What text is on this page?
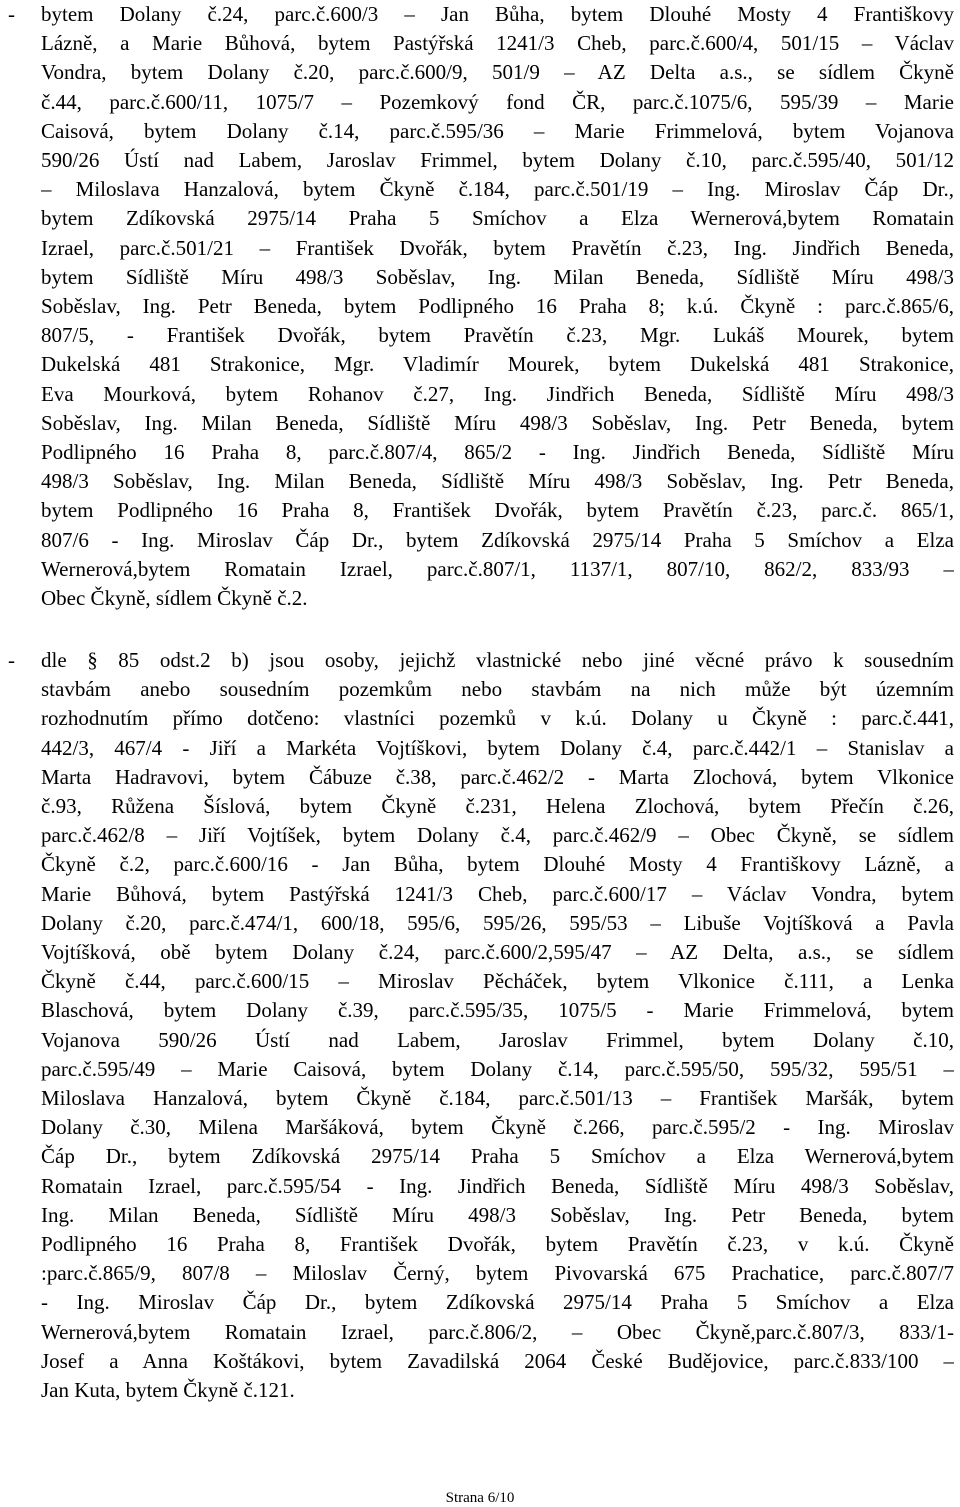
- bytem Dolany č.24, parc.č.600/3 – Jan Bůha, bytem Dlouhé Mosty 4 Františkovy
Lázně, a Marie Bůhová, bytem Pastýřská 1241/3 Cheb, parc.č.600/4, 501/15 – Václav
Vondra, bytem Dolany č.20, parc.č.600/9, 501/9 – AZ Delta a.s., se sídlem Čkyně
č.44, parc.č.600/11, 1075/7 – Pozemkový fond ČR, parc.č.1075/6, 595/39 – Marie
Caisová, bytem Dolany č.14, parc.č.595/36 – Marie Frimmelová, bytem Vojanova
590/26 Ústí nad Labem, Jaroslav Frimmel, bytem Dolany č.10, parc.č.595/40, 501/12
– Miloslava Hanzalová, bytem Čkyně č.184, parc.č.501/19 – Ing. Miroslav Čáp Dr.,
bytem Zdíkovská 2975/14 Praha 5 Smíchov a Elza Wernerová,bytem Romatain
Izrael, parc.č.501/21 – František Dvořák, bytem Pravětín č.23, Ing. Jindřich Beneda,
bytem Sídliště Míru 498/3 Soběslav, Ing. Milan Beneda, Sídliště Míru 498/3
Soběslav, Ing. Petr Beneda, bytem Podlipného 16 Praha 8; k.ú. Čkyně : parc.č.865/6,
807/5, - František Dvořák, bytem Pravětín č.23, Mgr. Lukáš Mourek, bytem
Dukelská 481 Strakonice, Mgr. Vladimír Mourek, bytem Dukelská 481 Strakonice,
Eva Mourková, bytem Rohanov č.27, Ing. Jindřich Beneda, Sídliště Míru 498/3
Soběslav, Ing. Milan Beneda, Sídliště Míru 498/3 Soběslav, Ing. Petr Beneda, bytem
Podlipného 16 Praha 8, parc.č.807/4, 865/2 - Ing. Jindřich Beneda, Sídliště Míru
498/3 Soběslav, Ing. Milan Beneda, Sídliště Míru 498/3 Soběslav, Ing. Petr Beneda,
bytem Podlipného 16 Praha 8, František Dvořák, bytem Pravětín č.23, parc.č. 865/1,
807/6 - Ing. Miroslav Čáp Dr., bytem Zdíkovská 2975/14 Praha 5 Smíchov a Elza
Wernerová,bytem Romatain Izrael, parc.č.807/1, 1137/1, 807/10, 862/2, 833/93 –
Obec Čkyně, sídlem Čkyně č.2.
- dle § 85 odst.2 b) jsou osoby, jejichž vlastnické nebo jiné věcné právo k sousedním
stavbám anebo sousedním pozemkům nebo stavbám na nich může být územním
rozhodnutím přímo dotčeno: vlastníci pozemků v k.ú. Dolany u Čkyně : parc.č.441,
442/3, 467/4 - Jiří a Markéta Vojtíškovi, bytem Dolany č.4, parc.č.442/1 – Stanislav a
Marta Hadravovi, bytem Čábuze č.38, parc.č.462/2 - Marta Zlochová, bytem Vlkonice
č.93, Růžena Šíslová, bytem Čkyně č.231, Helena Zlochová, bytem Přečín č.26,
parc.č.462/8 – Jiří Vojtíšek, bytem Dolany č.4, parc.č.462/9 – Obec Čkyně, se sídlem
Čkyně č.2, parc.č.600/16 - Jan Bůha, bytem Dlouhé Mosty 4 Františkovy Lázně, a
Marie Bůhová, bytem Pastýřská 1241/3 Cheb, parc.č.600/17 – Václav Vondra, bytem
Dolany č.20, parc.č.474/1, 600/18, 595/6, 595/26, 595/53 – Libuše Vojtíšková a Pavla
Vojtíšková, obě bytem Dolany č.24, parc.č.600/2,595/47 – AZ Delta, a.s., se sídlem
Čkyně č.44, parc.č.600/15 – Miroslav Pěcháček, bytem Vlkonice č.111, a Lenka
Blaschová, bytem Dolany č.39, parc.č.595/35, 1075/5 - Marie Frimmelová, bytem
Vojanova 590/26 Ústí nad Labem, Jaroslav Frimmel, bytem Dolany č.10,
parc.č.595/49 – Marie Caisová, bytem Dolany č.14, parc.č.595/50, 595/32, 595/51 –
Miloslava Hanzalová, bytem Čkyně č.184, parc.č.501/13 – František Maršák, bytem
Dolany č.30, Milena Maršáková, bytem Čkyně č.266, parc.č.595/2 - Ing. Miroslav
Čáp Dr., bytem Zdíkovská 2975/14 Praha 5 Smíchov a Elza Wernerová,bytem
Romatain Izrael, parc.č.595/54 - Ing. Jindřich Beneda, Sídliště Míru 498/3 Soběslav,
Ing. Milan Beneda, Sídliště Míru 498/3 Soběslav, Ing. Petr Beneda, bytem
Podlipného 16 Praha 8, František Dvořák, bytem Pravětín č.23, v k.ú. Čkyně
:parc.č.865/9, 807/8 – Miloslav Černý, bytem Pivovarská 675 Prachatice, parc.č.807/7
- Ing. Miroslav Čáp Dr., bytem Zdíkovská 2975/14 Praha 5 Smíchov a Elza
Wernerová,bytem Romatain Izrael, parc.č.806/2, – Obec Čkyně,parc.č.807/3, 833/1-
Josef a Anna Koštákovi, bytem Zavadilská 2064 České Budějovice, parc.č.833/100 –
Jan Kuta, bytem Čkyně č.121.
Strana 6/10
